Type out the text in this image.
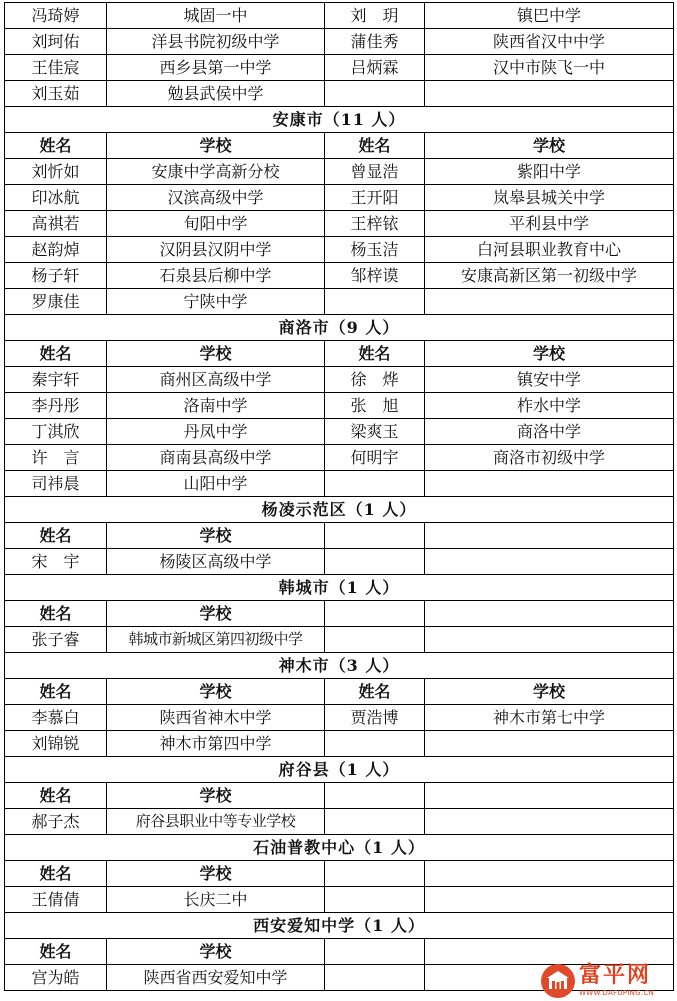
冯琦婷	城固一中	刘　玥	镇巴中学
刘珂佑	洋县书院初级中学	蒲佳秀	陕西省汉中中学
王佳宸	西乡县第一中学	吕炳霖	汉中市陕飞一中
刘玉茹	勉县武侯中学		
安康市（11 人）			
姓名	学校	姓名	学校
刘忻如	安康中学高新分校	曾显浩	紫阳中学
印冰航	汉滨高级中学	王开阳	岚皋县城关中学
高祺若	旬阳中学	王梓铱	平利县中学
赵韵焯	汉阴县汉阴中学	杨玉洁	白河县职业教育中心
杨子轩	石泉县后柳中学	邹梓谟	安康高新区第一初级中学
罗康佳	宁陕中学		
商洛市（9 人）			
姓名	学校	姓名	学校
秦宇轩	商州区高级中学	徐　烨	镇安中学
李丹彤	洛南中学	张　旭	柞水中学
丁淇欣	丹凤中学	梁爽玉	商洛中学
许　言	商南县高级中学	何明宇	商洛市初级中学
司祎晨	山阳中学		
杨凌示范区（1 人）			
姓名	学校		
宋　宇	杨陵区高级中学		
韩城市（1 人）			
姓名	学校		
张子睿	韩城市新城区第四初级中学		
神木市（3 人）			
姓名	学校	姓名	学校
李慕白	陕西省神木中学	贾浩博	神木市第七中学
刘锦锐	神木市第四中学		
府谷县（1 人）			
姓名	学校		
郝子杰	府谷县职业中等专业学校		
石油普教中心（1 人）			
姓名	学校		
王倩倩	长庆二中		
西安爱知中学（1 人）			
姓名	学校		
宫为皓	陕西省西安爱知中学			富平网
WWW.DAFUPING.CN
